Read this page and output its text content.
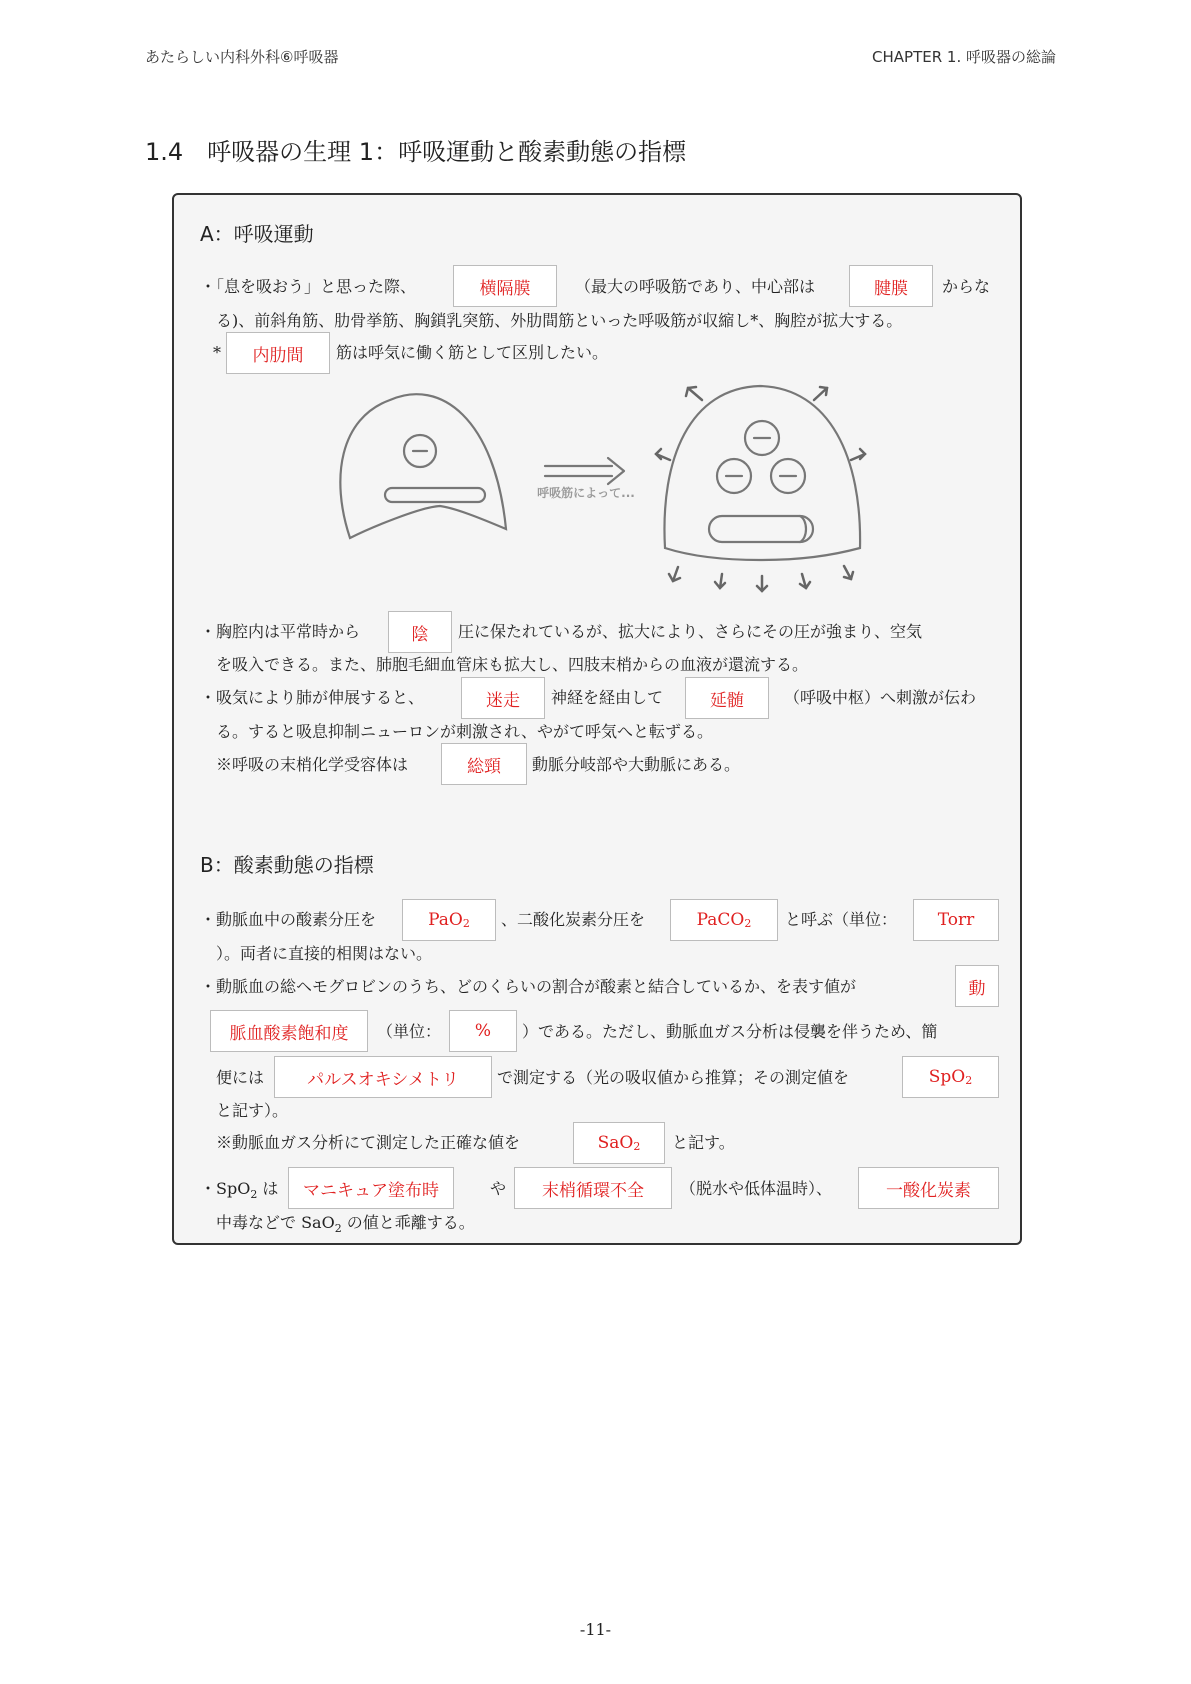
あたらしい内科外科⑥呼吸器	CHAPTER 1. 呼吸器の総論
1.4　呼吸器の生理 1：呼吸運動と酸素動態の指標
A：呼吸運動
・「息を吸おう」と思った際、	横隔膜	（最大の呼吸筋であり、中心部は	腱膜	からな
る)、前斜角筋、肋骨挙筋、胸鎖乳突筋、外肋間筋といった呼吸筋が収縮し*、胸腔が拡大する。
*	内肋間	筋は呼気に働く筋として区別したい。
呼吸筋によって...
・胸腔内は平常時から	陰	圧に保たれているが、拡大により、さらにその圧が強まり、空気
を吸入できる。また、肺胞毛細血管床も拡大し、四肢末梢からの血液が還流する。
・吸気により肺が伸展すると、	迷走	神経を経由して	延髄	（呼吸中枢）へ刺激が伝わ
る。すると吸息抑制ニューロンが刺激され、やがて呼気へと転ずる。
※呼吸の末梢化学受容体は	総頸	動脈分岐部や大動脈にある。
B：酸素動態の指標
・動脈血中の酸素分圧を	PaO$_2$ 、二酸化炭素分圧を	PaCO$_2$ と呼ぶ（単位：	Torr
）。両者に直接的相関はない。
・動脈血の総ヘモグロビンのうち、どのくらいの割合が酸素と結合しているか、を表す値が	動
脈血酸素飽和度	（単位：	%	）である。ただし、動脈血ガス分析は侵襲を伴うため、簡
便には	パルスオキシメトリ	で測定する（光の吸収値から推算；その測定値を	SpO$_2$
と記す）。
※動脈血ガス分析にて測定した正確な値を	SaO$_2$ と記す。
・SpO$_2$ は	マニキュア塗布時	や	末梢循環不全	（脱水や低体温時）、	一酸化炭素
中毒などで SaO$_2$ の値と乖離する。
-11-
